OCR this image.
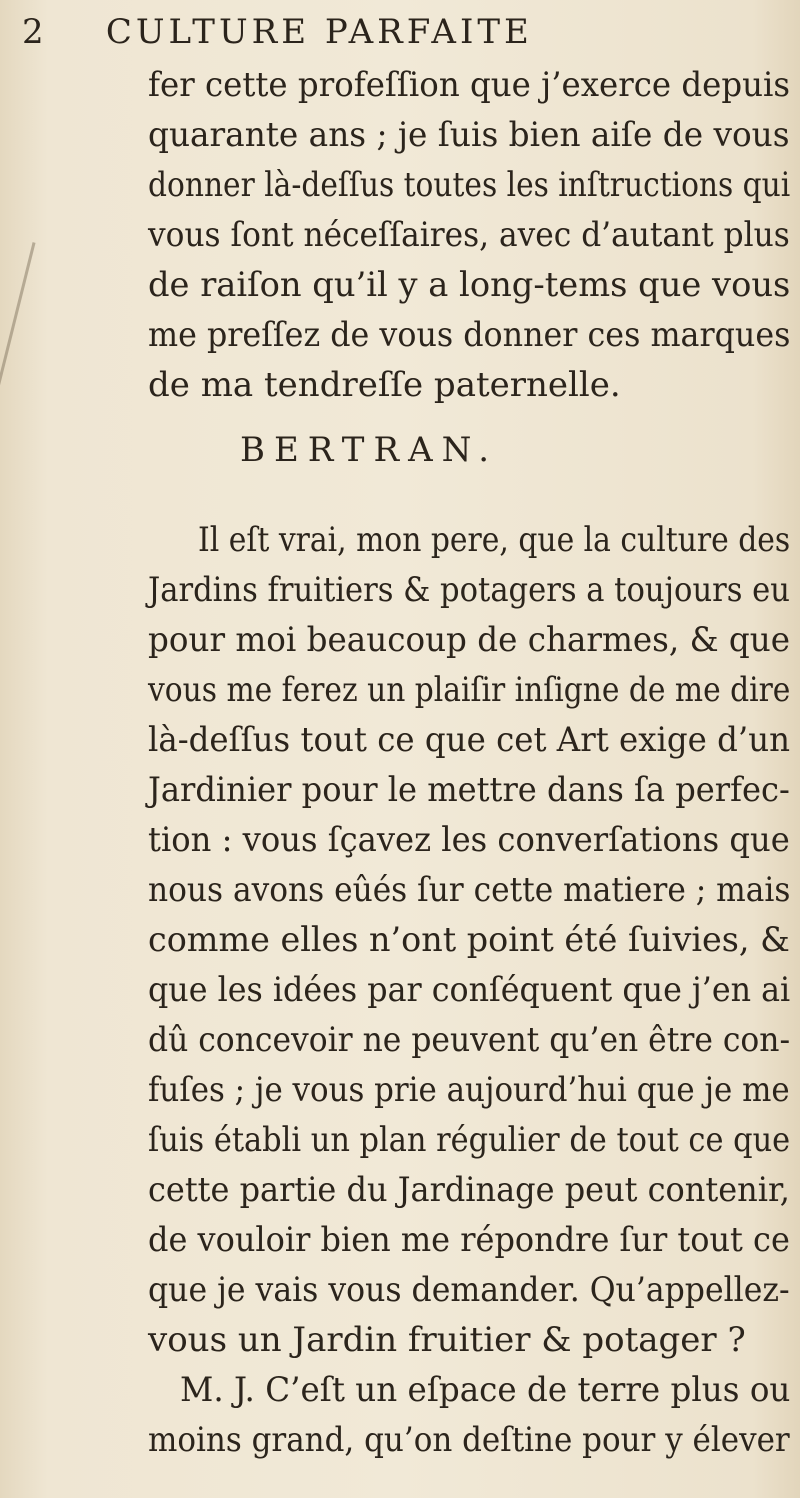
2 CULTURE PARFAITE
fer cette profeſſion que j’exerce depuis
quarante ans ; je ſuis bien aiſe de vous
donner là-deſſus toutes les inſtructions qui
vous ſont néceſſaires, avec d’autant plus
de raiſon qu’il y a long-tems que vous
me preſſez de vous donner ces marques
de ma tendreſſe paternelle.
BERTRAN.
Il eſt vrai, mon pere, que la culture des
Jardins fruitiers & potagers a toujours eu
pour moi beaucoup de charmes, & que
vous me ferez un plaiſir inſigne de me dire
là-deſſus tout ce que cet Art exige d’un
Jardinier pour le mettre dans ſa perfec-
tion : vous ſçavez les converſations que
nous avons eûés ſur cette matiere ; mais
comme elles n’ont point été ſuivies, &
que les idées par conſéquent que j’en ai
dû concevoir ne peuvent qu’en être con-
fuſes ; je vous prie aujourd’hui que je me
ſuis établi un plan régulier de tout ce que
cette partie du Jardinage peut contenir,
de vouloir bien me répondre ſur tout ce
que je vais vous demander. Qu’appellez-
vous un Jardin fruitier & potager ?
M. J. C’eſt un eſpace de terre plus ou
moins grand, qu’on deſtine pour y élever
